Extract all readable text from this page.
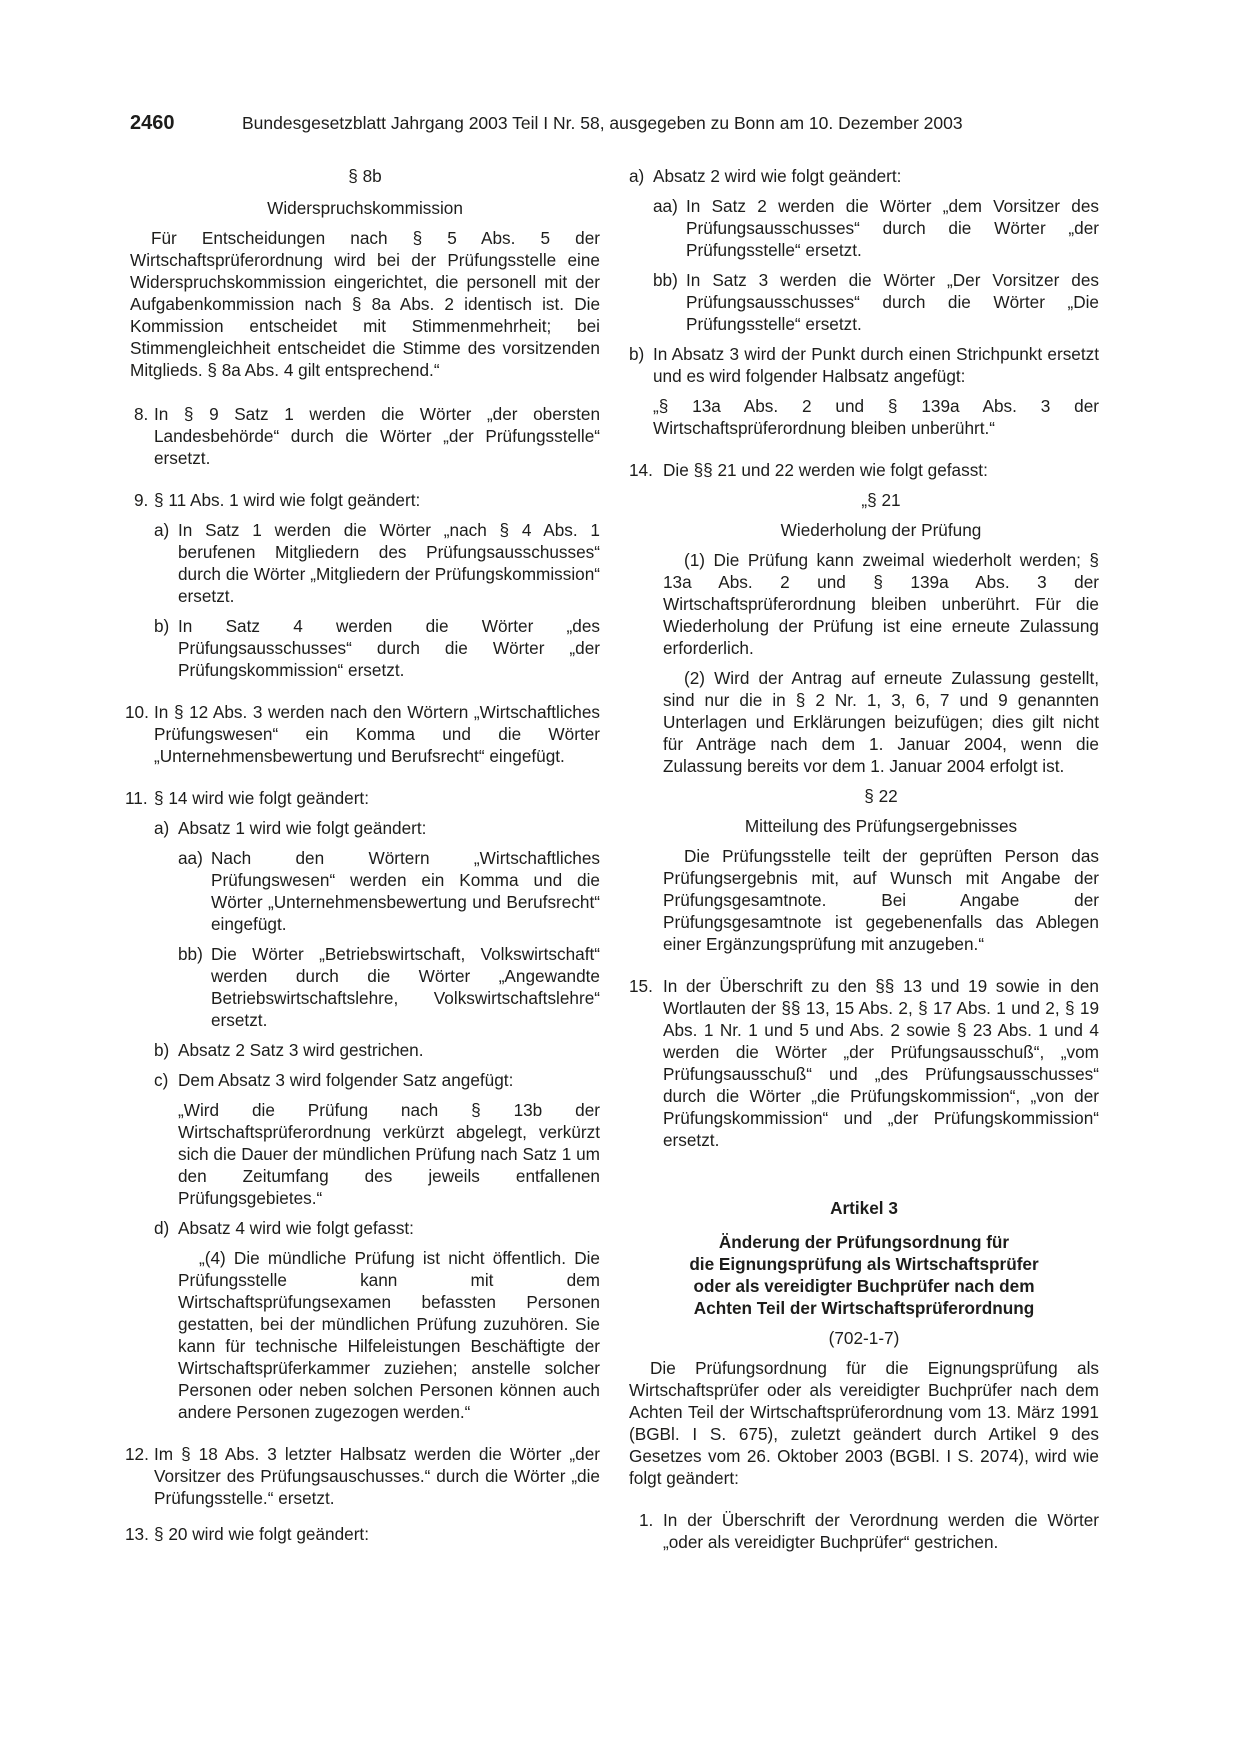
2460	Bundesgesetzblatt Jahrgang 2003 Teil I Nr. 58, ausgegeben zu Bonn am 10. Dezember 2003

§ 8b

Widerspruchskommission

Für Entscheidungen nach § 5 Abs. 5 der Wirtschaftsprüferordnung wird bei der Prüfungsstelle eine Widerspruchskommission eingerichtet, die personell mit der Aufgabenkommission nach § 8a Abs. 2 identisch ist. Die Kommission entscheidet mit Stimmenmehrheit; bei Stimmengleichheit entscheidet die Stimme des vorsitzenden Mitglieds. § 8a Abs. 4 gilt entsprechend.“

8. In § 9 Satz 1 werden die Wörter „der obersten Landesbehörde“ durch die Wörter „der Prüfungsstelle“ ersetzt.

9. § 11 Abs. 1 wird wie folgt geändert:

a) In Satz 1 werden die Wörter „nach § 4 Abs. 1 berufenen Mitgliedern des Prüfungsausschusses“ durch die Wörter „Mitgliedern der Prüfungskommission“ ersetzt.

b) In Satz 4 werden die Wörter „des Prüfungsausschusses“ durch die Wörter „der Prüfungskommission“ ersetzt.

10. In § 12 Abs. 3 werden nach den Wörtern „Wirtschaftliches Prüfungswesen“ ein Komma und die Wörter „Unternehmensbewertung und Berufsrecht“ eingefügt.

11. § 14 wird wie folgt geändert:

a) Absatz 1 wird wie folgt geändert:

aa) Nach den Wörtern „Wirtschaftliches Prüfungswesen“ werden ein Komma und die Wörter „Unternehmensbewertung und Berufsrecht“ eingefügt.

bb) Die Wörter „Betriebswirtschaft, Volkswirtschaft“ werden durch die Wörter „Angewandte Betriebswirtschaftslehre, Volkswirtschaftslehre“ ersetzt.

b) Absatz 2 Satz 3 wird gestrichen.

c) Dem Absatz 3 wird folgender Satz angefügt:

„Wird die Prüfung nach § 13b der Wirtschaftsprüferordnung verkürzt abgelegt, verkürzt sich die Dauer der mündlichen Prüfung nach Satz 1 um den Zeitumfang des jeweils entfallenen Prüfungsgebietes.“

d) Absatz 4 wird wie folgt gefasst:

„(4) Die mündliche Prüfung ist nicht öffentlich. Die Prüfungsstelle kann mit dem Wirtschaftsprüfungsexamen befassten Personen gestatten, bei der mündlichen Prüfung zuzuhören. Sie kann für technische Hilfeleistungen Beschäftigte der Wirtschaftsprüferkammer zuziehen; anstelle solcher Personen oder neben solchen Personen können auch andere Personen zugezogen werden.“

12. Im § 18 Abs. 3 letzter Halbsatz werden die Wörter „der Vorsitzer des Prüfungsauschusses.“ durch die Wörter „die Prüfungsstelle.“ ersetzt.

13. § 20 wird wie folgt geändert:

a) Absatz 2 wird wie folgt geändert:

aa) In Satz 2 werden die Wörter „dem Vorsitzer des Prüfungsausschusses“ durch die Wörter „der Prüfungsstelle“ ersetzt.

bb) In Satz 3 werden die Wörter „Der Vorsitzer des Prüfungsausschusses“ durch die Wörter „Die Prüfungsstelle“ ersetzt.

b) In Absatz 3 wird der Punkt durch einen Strichpunkt ersetzt und es wird folgender Halbsatz angefügt:

„§ 13a Abs. 2 und § 139a Abs. 3 der Wirtschaftsprüferordnung bleiben unberührt.“

14. Die §§ 21 und 22 werden wie folgt gefasst:

„§ 21

Wiederholung der Prüfung

(1) Die Prüfung kann zweimal wiederholt werden; § 13a Abs. 2 und § 139a Abs. 3 der Wirtschaftsprüferordnung bleiben unberührt. Für die Wiederholung der Prüfung ist eine erneute Zulassung erforderlich.

(2) Wird der Antrag auf erneute Zulassung gestellt, sind nur die in § 2 Nr. 1, 3, 6, 7 und 9 genannten Unterlagen und Erklärungen beizufügen; dies gilt nicht für Anträge nach dem 1. Januar 2004, wenn die Zulassung bereits vor dem 1. Januar 2004 erfolgt ist.

§ 22

Mitteilung des Prüfungsergebnisses

Die Prüfungsstelle teilt der geprüften Person das Prüfungsergebnis mit, auf Wunsch mit Angabe der Prüfungsgesamtnote. Bei Angabe der Prüfungsgesamtnote ist gegebenenfalls das Ablegen einer Ergänzungsprüfung mit anzugeben.“

15. In der Überschrift zu den §§ 13 und 19 sowie in den Wortlauten der §§ 13, 15 Abs. 2, § 17 Abs. 1 und 2, § 19 Abs. 1 Nr. 1 und 5 und Abs. 2 sowie § 23 Abs. 1 und 4 werden die Wörter „der Prüfungsausschuß“, „vom Prüfungsausschuß“ und „des Prüfungsausschusses“ durch die Wörter „die Prüfungskommission“, „von der Prüfungskommission“ und „der Prüfungskommission“ ersetzt.

Artikel 3

Änderung der Prüfungsordnung für

die Eignungsprüfung als Wirtschaftsprüfer

oder als vereidigter Buchprüfer nach dem

Achten Teil der Wirtschaftsprüferordnung

(702-1-7)

Die Prüfungsordnung für die Eignungsprüfung als Wirtschaftsprüfer oder als vereidigter Buchprüfer nach dem Achten Teil der Wirtschaftsprüferordnung vom 13. März 1991 (BGBl. I S. 675), zuletzt geändert durch Artikel 9 des Gesetzes vom 26. Oktober 2003 (BGBl. I S. 2074), wird wie folgt geändert:

1. In der Überschrift der Verordnung werden die Wörter „oder als vereidigter Buchprüfer“ gestrichen.
